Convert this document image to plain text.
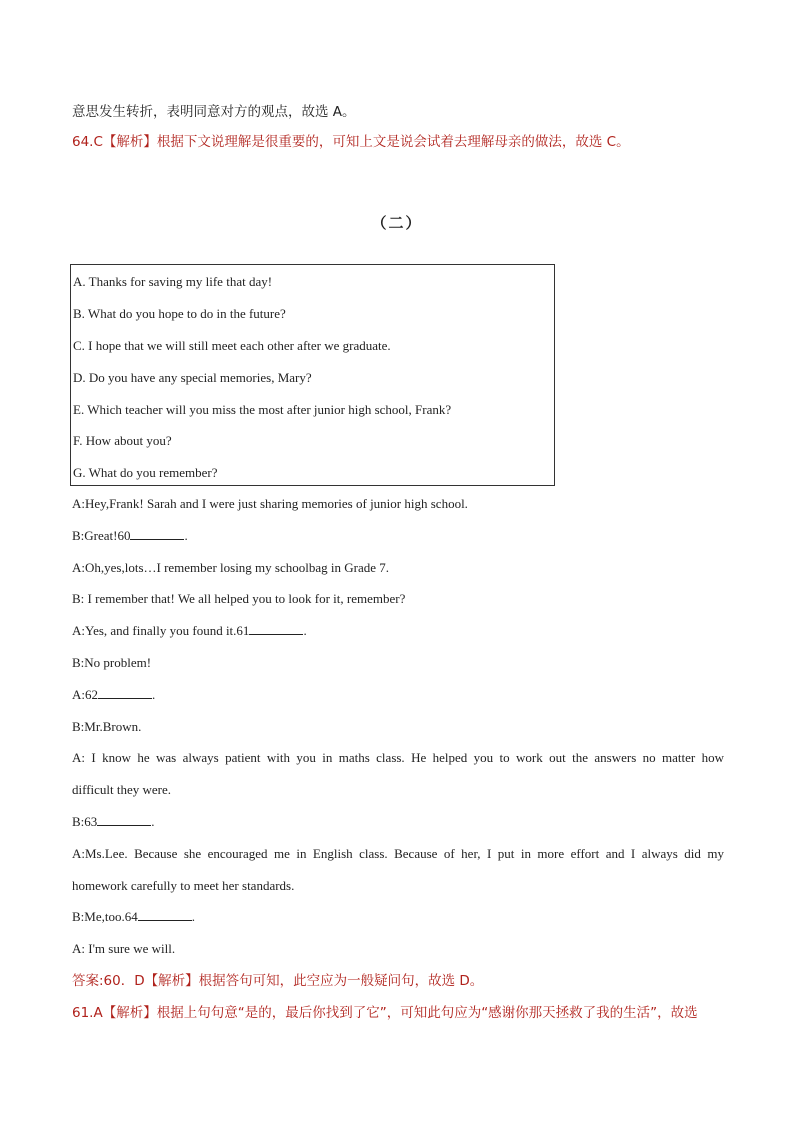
意思发生转折，表明同意对方的观点，故选 A。
64.C【解析】根据下文说理解是很重要的，可知上文是说会试着去理解母亲的做法，故选 C。
（二）
A. Thanks for saving my life that day!
B. What do you hope to do in the future?
C. I hope that we will still meet each other after we graduate.
D. Do you have any special memories, Mary?
E. Which teacher will you miss the most after junior high school, Frank?
F. How about you?
G. What do you remember?
A:Hey,Frank! Sarah and I were just sharing memories of junior high school.
B:Great!60	.
A:Oh,yes,lots…I remember losing my schoolbag in Grade 7.
B: I remember that! We all helped you to look for it, remember?
A:Yes, and finally you found it.61	.
B:No problem!
A:62	.
B:Mr.Brown.
A: I know he was always patient with you in maths class. He helped you to work out the answers no matter how
difficult they were.
B:63	.
A:Ms.Lee. Because she encouraged me in English class. Because of her, I put in more effort and I always did my
homework carefully to meet her standards.
B:Me,too.64	.
A: I'm sure we will.
答案:60．D【解析】根据答句可知，此空应为一般疑问句，故选 D。
61.A【解析】根据上句句意“是的，最后你找到了它”，可知此句应为“感谢你那天拯救了我的生活”，故选
